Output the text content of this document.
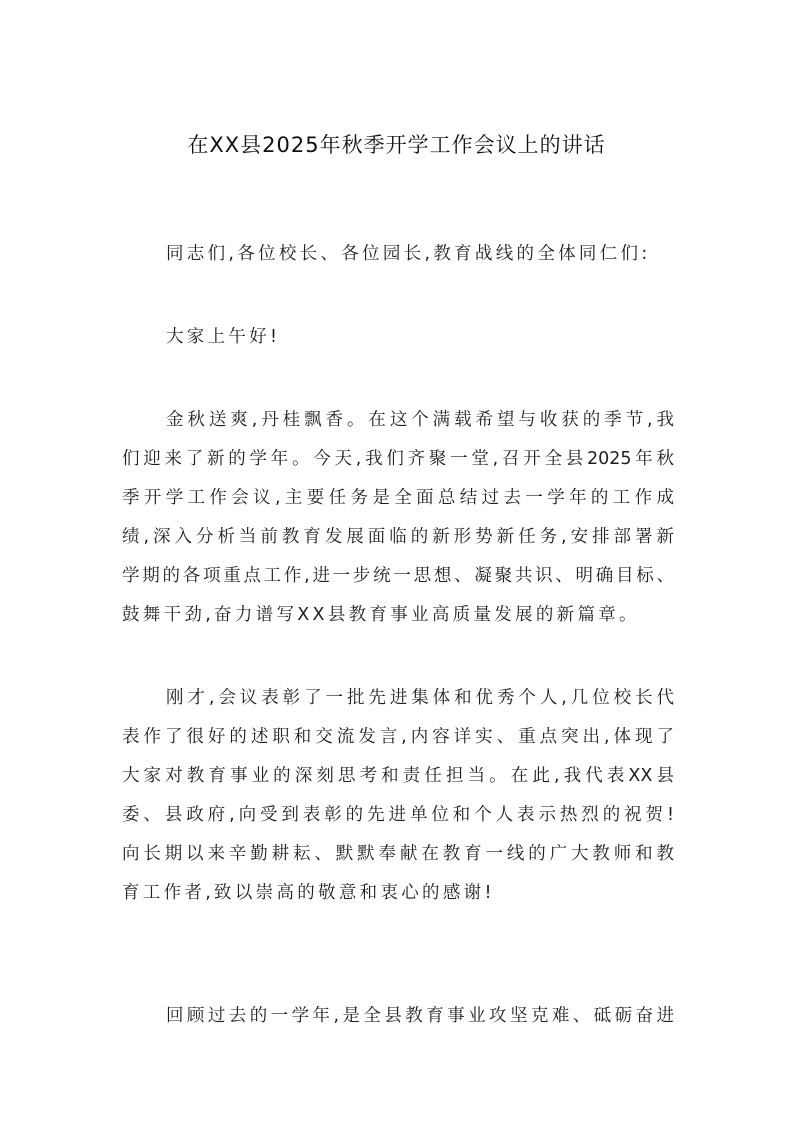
在XX县2025年秋季开学工作会议上的讲话
同志们,各位校长、各位园长,教育战线的全体同仁们:
大家上午好!
金秋送爽,丹桂飘香。在这个满载希望与收获的季节,我
们迎来了新的学年。今天,我们齐聚一堂,召开全县2025年秋
季开学工作会议,主要任务是全面总结过去一学年的工作成
绩,深入分析当前教育发展面临的新形势新任务,安排部署新
学期的各项重点工作,进一步统一思想、凝聚共识、明确目标、
鼓舞干劲,奋力谱写XX县教育事业高质量发展的新篇章。
刚才,会议表彰了一批先进集体和优秀个人,几位校长代
表作了很好的述职和交流发言,内容详实、重点突出,体现了
大家对教育事业的深刻思考和责任担当。在此,我代表XX县
委、县政府,向受到表彰的先进单位和个人表示热烈的祝贺!
向长期以来辛勤耕耘、默默奉献在教育一线的广大教师和教
育工作者,致以崇高的敬意和衷心的感谢!
回顾过去的一学年,是全县教育事业攻坚克难、砥砺奋进
